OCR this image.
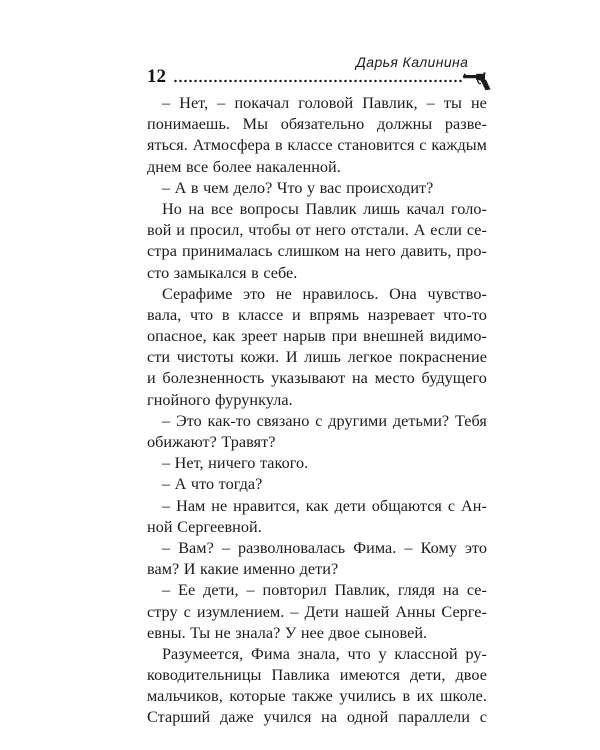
Дарья Калинина
12
– Нет, – покачал головой Павлик, – ты не
понимаешь. Мы обязательно должны разве-
яться. Атмосфера в классе становится с каждым
днем все более накаленной.
– А в чем дело? Что у вас происходит?
Но на все вопросы Павлик лишь качал голо-
вой и просил, чтобы от него отстали. А если се-
стра принималась слишком на него давить, про-
сто замыкался в себе.
Серафиме это не нравилось. Она чувство-
вала, что в классе и впрямь назревает что-то
опасное, как зреет нарыв при внешней видимо-
сти чистоты кожи. И лишь легкое покраснение
и болезненность указывают на место будущего
гнойного фурункула.
– Это как-то связано с другими детьми? Тебя
обижают? Травят?
– Нет, ничего такого.
– А что тогда?
– Нам не нравится, как дети общаются с Ан-
ной Сергеевной.
– Вам? – разволновалась Фима. – Кому это
вам? И какие именно дети?
– Ее дети, – повторил Павлик, глядя на се-
стру с изумлением. – Дети нашей Анны Серге-
евны. Ты не знала? У нее двое сыновей.
Разумеется, Фима знала, что у классной ру-
ководительницы Павлика имеются дети, двое
мальчиков, которые также учились в их школе.
Старший даже учился на одной параллели с
